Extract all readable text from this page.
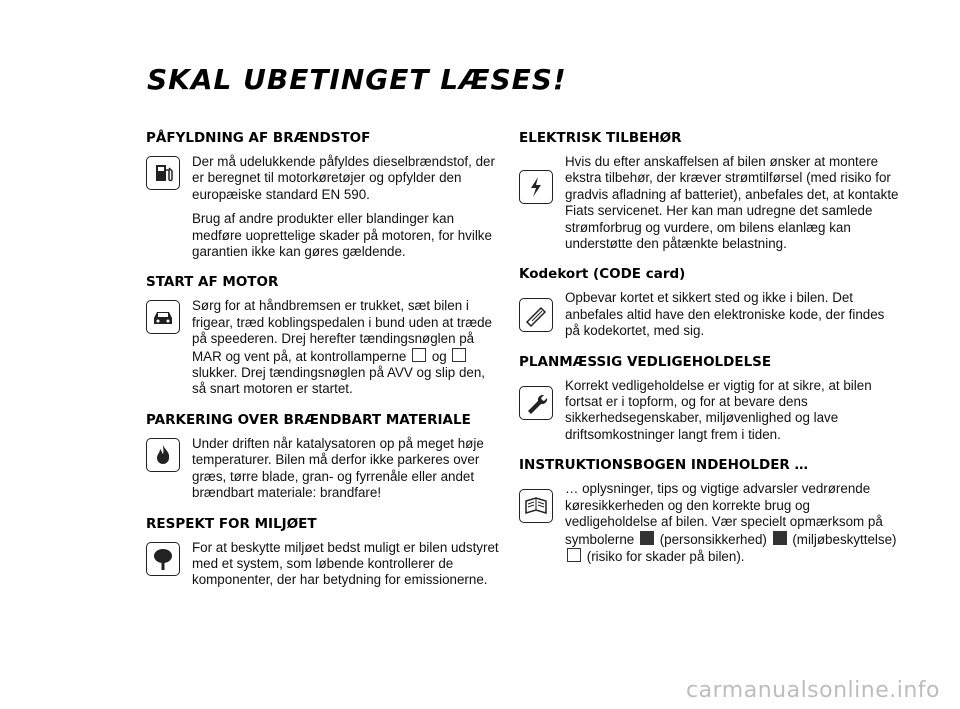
SKAL UBETINGET LÆSES!
PÅFYLDNING AF BRÆNDSTOF

Der må udelukkende påfyldes dieselbrændstof, der er beregnet til motorkøretøjer og opfylder den europæiske standard EN 590.

Brug af andre produkter eller blandinger kan medføre uoprettelige skader på motoren, for hvilke garantien ikke kan gøres gældende.

START AF MOTOR

Sørg for at håndbremsen er trukket, sæt bilen i frigear, træd koblingspedalen i bund uden at træde på speederen. Drej herefter tændingsnøglen på MAR og vent på, at kontrollamperne og  slukker. Drej tændingsnøglen på AVV og slip den, så snart motoren er startet.

PARKERING OVER BRÆNDBART MATERIALE

Under driften når katalysatoren op på meget høje temperaturer. Bilen må derfor ikke parkeres over græs, tørre blade, gran- og fyrrenåle eller andet brændbart materiale: brandfare!

RESPEKT FOR MILJØET

For at beskytte miljøet bedst muligt er bilen udstyret med et system, som løbende kontrollerer de komponenter, der har betydning for emissionerne.

ELEKTRISK TILBEHØR

Hvis du efter anskaffelsen af bilen ønsker at montere ekstra tilbehør, der kræver strømtilførsel (med risiko for gradvis afladning af batteriet), anbefales det, at kontakte Fiats servicenet. Her kan man udregne det samlede strømforbrug og vurdere, om bilens elanlæg kan understøtte den påtænkte belastning.

Kodekort (CODE card)

Opbevar kortet et sikkert sted og ikke i bilen. Det anbefales altid have den elektroniske kode, der findes på kodekortet, med sig.

PLANMÆSSIG VEDLIGEHOLDELSE

Korrekt vedligeholdelse er vigtig for at sikre, at bilen fortsat er i topform, og for at bevare dens sikkerhedsegenskaber, miljøvenlighed og lave driftsomkostninger langt frem i tiden.

INSTRUKTIONSBOGEN INDEHOLDER …

… oplysninger, tips og vigtige advarsler vedrørende køresikkerheden og den korrekte brug og vedligeholdelse af bilen. Vær specielt opmærksom på symbolerne (personsikkerhed) (miljøbeskyttelse)  (risiko for skader på bilen).

carmanualsonline.info
